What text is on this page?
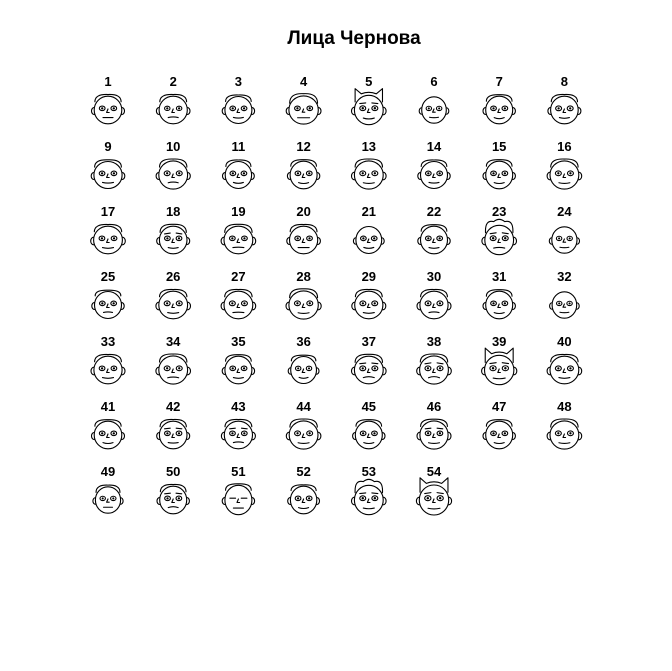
Лица Чернова
1	2	3	4	5	6	7	8
9	10	11	12	13	14	15	16
17	18	19	20	21	22	23	24
25	26	27	28	29	30	31	32
33	34	35	36	37	38	39	40
41	42	43	44	45	46	47	48
49	50	51	52	53	54
